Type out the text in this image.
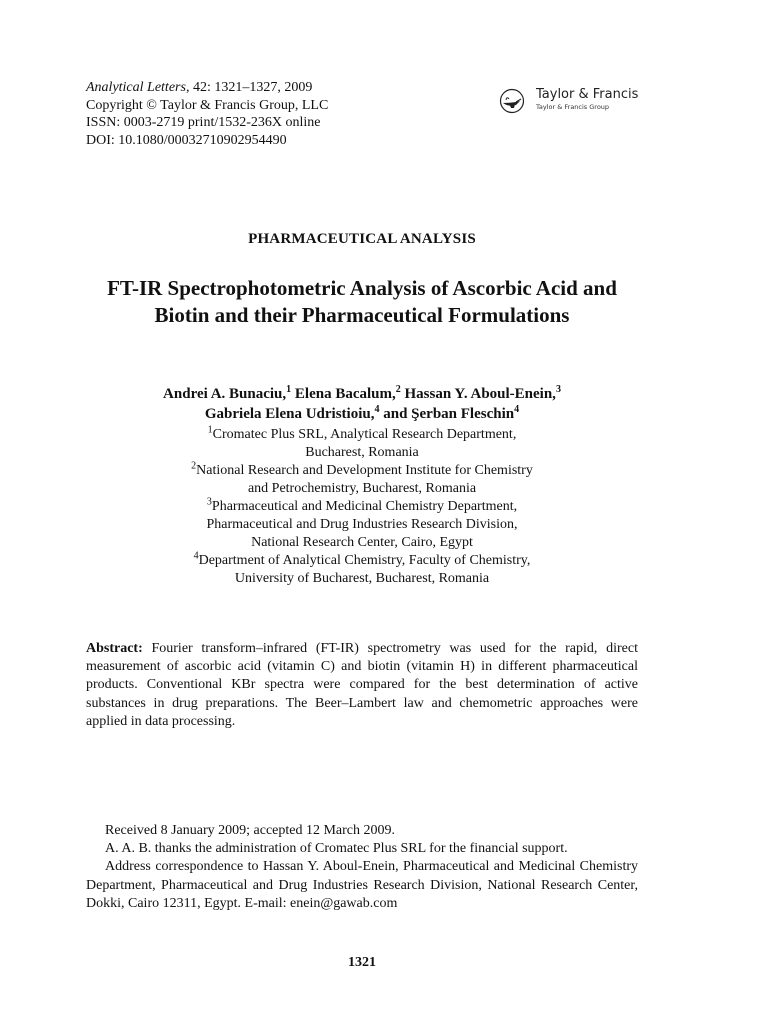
Analytical Letters, 42: 1321–1327, 2009
Copyright © Taylor & Francis Group, LLC
ISSN: 0003-2719 print/1532-236X online
DOI: 10.1080/00032710902954490
Taylor & Francis
Taylor & Francis Group
PHARMACEUTICAL ANALYSIS
FT-IR Spectrophotometric Analysis of Ascorbic Acid and Biotin and their Pharmaceutical Formulations
Andrei A. Bunaciu,$^1$ Elena Bacalum,$^2$ Hassan Y. Aboul-Enein,$^3$
Gabriela Elena Udristioiu,$^4$ and Şerban Fleschin$^4$
$^1$Cromatec Plus SRL, Analytical Research Department,
Bucharest, Romania
$^2$National Research and Development Institute for Chemistry
and Petrochemistry, Bucharest, Romania
$^3$Pharmaceutical and Medicinal Chemistry Department,
Pharmaceutical and Drug Industries Research Division,
National Research Center, Cairo, Egypt
$^4$Department of Analytical Chemistry, Faculty of Chemistry,
University of Bucharest, Bucharest, Romania
Abstract: Fourier transform–infrared (FT-IR) spectrometry was used for the rapid, direct measurement of ascorbic acid (vitamin C) and biotin (vitamin H) in different pharmaceutical products. Conventional KBr spectra were compared for the best determination of active substances in drug preparations. The Beer–Lambert law and chemometric approaches were applied in data processing.

Received 8 January 2009; accepted 12 March 2009.

A. A. B. thanks the administration of Cromatec Plus SRL for the financial support.

Address correspondence to Hassan Y. Aboul-Enein, Pharmaceutical and Medicinal Chemistry Department, Pharmaceutical and Drug Industries Research Division, National Research Center, Dokki, Cairo 12311, Egypt. E-mail: enein@gawab.com

1321
